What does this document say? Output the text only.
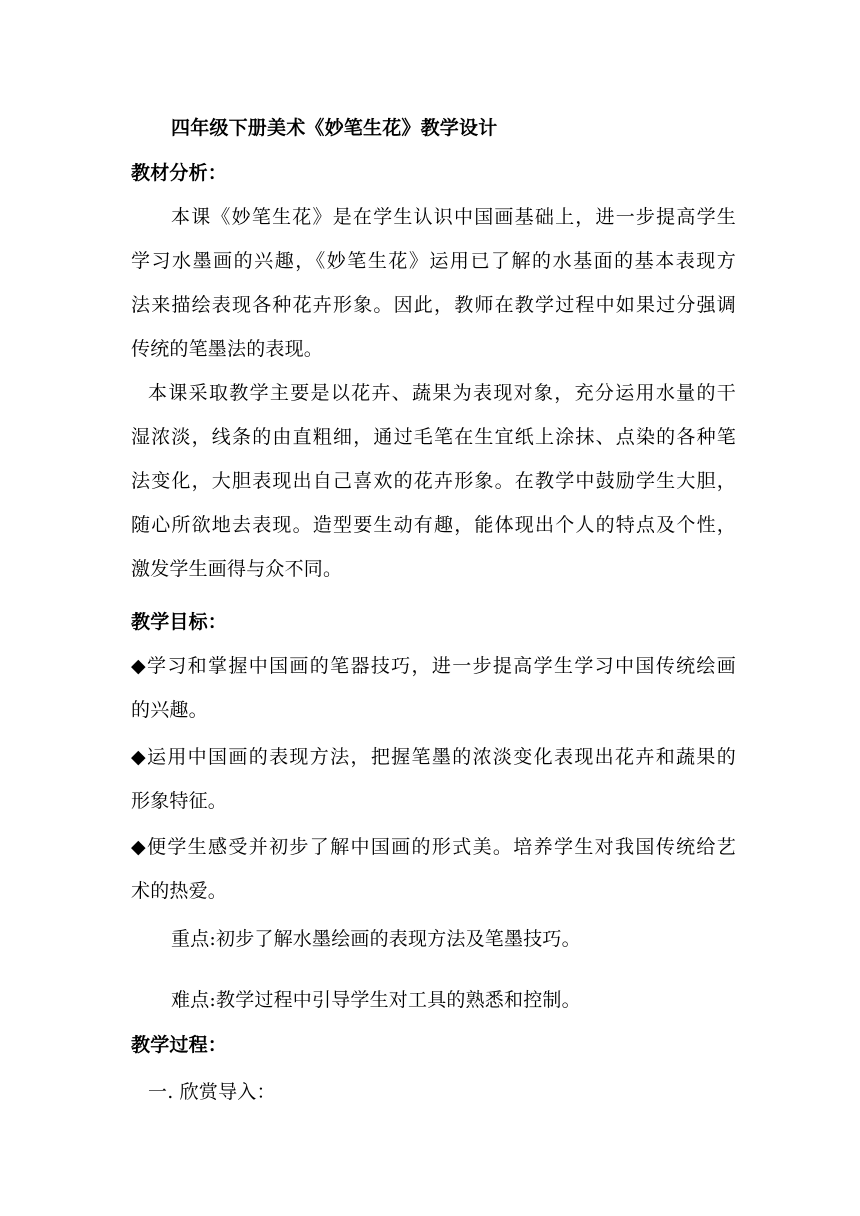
四年级下册美术《妙笔生花》教学设计
教材分析：
本课《妙笔生花》是在学生认识中国画基础上，进一步提高学生
学习水墨画的兴趣，《妙笔生花》运用已了解的水基面的基本表现方
法来描绘表现各种花卉形象。因此，教师在教学过程中如果过分强调
传统的笔墨法的表现。
本课采取教学主要是以花卉、蔬果为表现对象，充分运用水量的干
湿浓淡，线条的由直粗细，通过毛笔在生宜纸上涂抹、点染的各种笔
法变化，大胆表现出自己喜欢的花卉形象。在教学中鼓励学生大胆，
随心所欲地去表现。造型要生动有趣，能体现出个人的特点及个性，
激发学生画得与众不同。
教学目标：
◆学习和掌握中国画的笔器技巧，进一步提高学生学习中国传统绘画
的兴趣。
◆运用中国画的表现方法，把握笔墨的浓淡变化表现出花卉和蔬果的
形象特征。
◆便学生感受并初步了解中国画的形式美。培养学生对我国传统给艺
术的热爱。
重点:初步了解水墨绘画的表现方法及笔墨技巧。
难点:教学过程中引导学生对工具的熟悉和控制。
教学过程：
一. 欣赏导入：
